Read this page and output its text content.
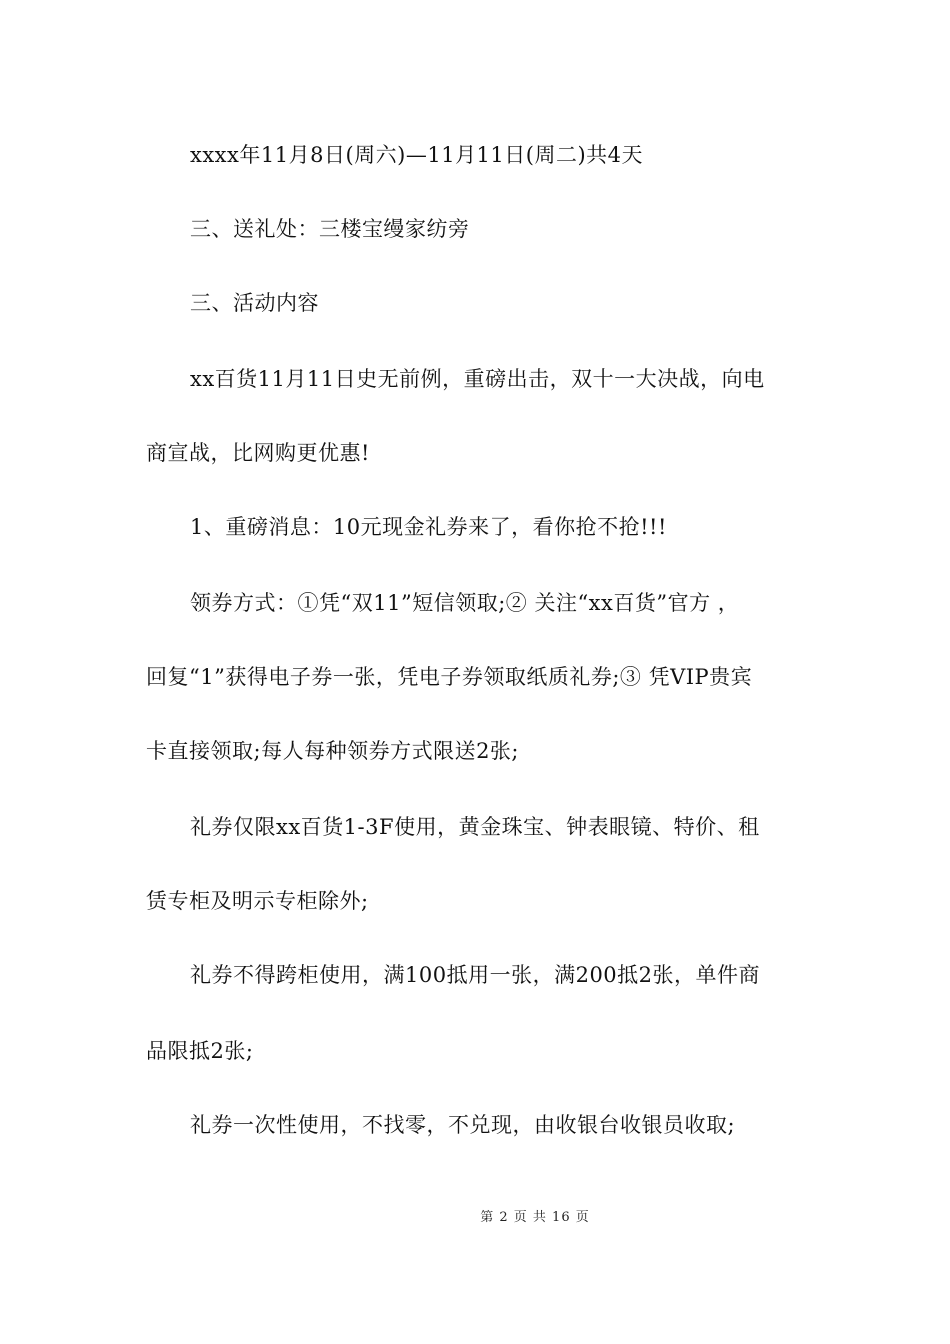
xxxx年11月8日(周六)—11月11日(周二)共4天
三、送礼处：三楼宝缦家纺旁
三、活动内容
xx百货11月11日史无前例，重磅出击，双十一大决战，向电
商宣战，比网购更优惠!
1、重磅消息：10元现金礼券来了，看你抢不抢!!!
领券方式：①凭“双11”短信领取;② 关注“xx百货”官方 ，
回复“1”获得电子券一张，凭电子券领取纸质礼券;③ 凭VIP贵宾
卡直接领取;每人每种领券方式限送2张;
礼券仅限xx百货1-3F使用，黄金珠宝、钟表眼镜、特价、租
赁专柜及明示专柜除外;
礼券不得跨柜使用，满100抵用一张，满200抵2张，单件商
品限抵2张;
礼券一次性使用，不找零，不兑现，由收银台收银员收取;
第 2 页 共 16 页
